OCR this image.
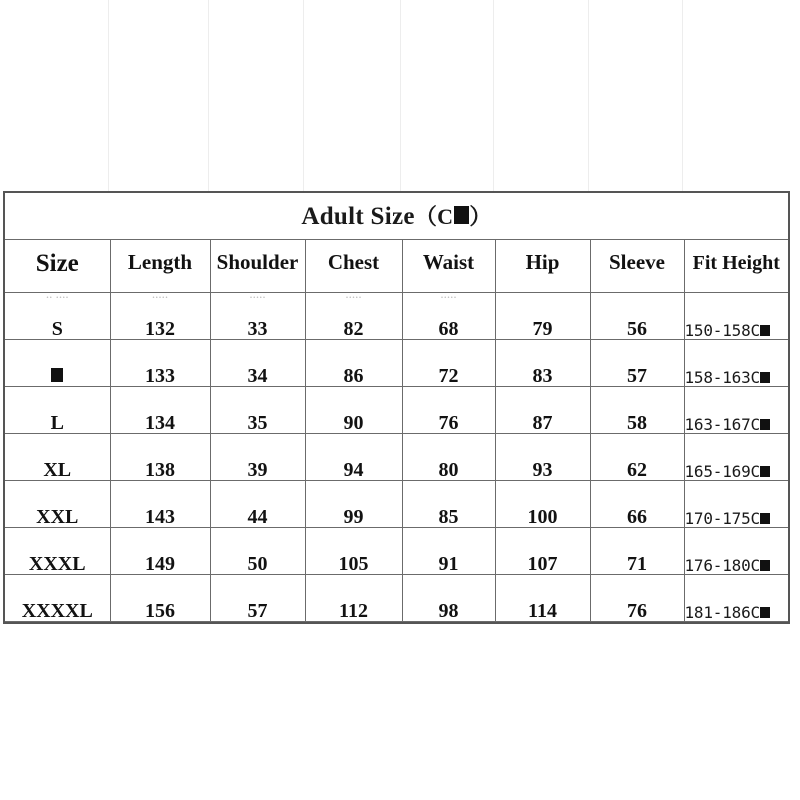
Adult Size（C ）							
Size	Length	Shoulder	Chest	Waist	Hip	Sleeve	Fit Height
S	132	33	82	68	79	56	150-158C
	133	34	86	72	83	57	158-163C
L	134	35	90	76	87	58	163-167C
XL	138	39	94	80	93	62	165-169C
XXL	143	44	99	85	100	66	170-175C
XXXL	149	50	105	91	107	71	176-180C
XXXXL	156	57	112	98	114	76	181-186C
